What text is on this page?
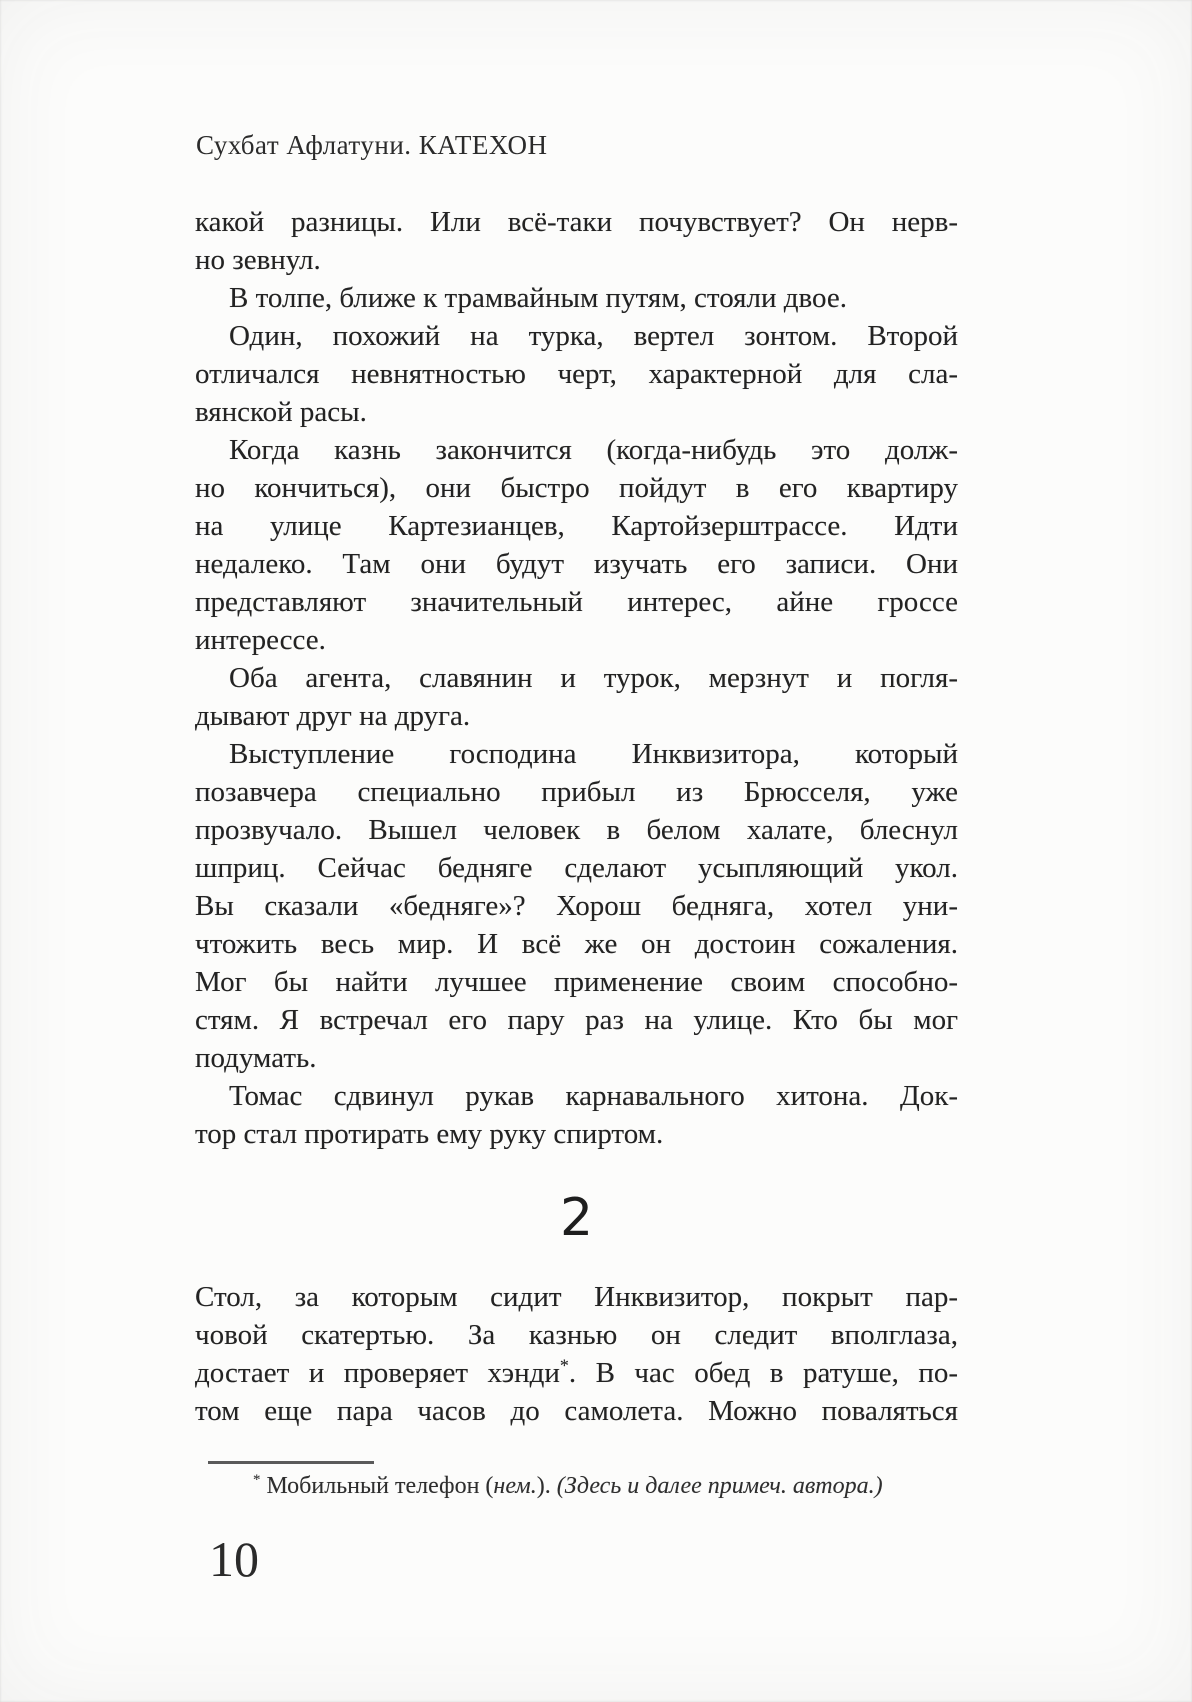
Сухбат Афлатуни. КАТЕХОН
какой разницы. Или всё-таки почувствует? Он нерв-
но зевнул.
В толпе, ближе к трамвайным путям, стояли двое.
Один, похожий на турка, вертел зонтом. Второй
отличался невнятностью черт, характерной для сла-
вянской расы.
Когда казнь закончится (когда-нибудь это долж-
но кончиться), они быстро пойдут в его квартиру
на улице Картезианцев, Картойзерштрассе. Идти
недалеко. Там они будут изучать его записи. Они
представляют значительный интерес, айне гроссе
интерессе.
Оба агента, славянин и турок, мерзнут и погля-
дывают друг на друга.
Выступление господина Инквизитора, который
позавчера специально прибыл из Брюсселя, уже
прозвучало. Вышел человек в белом халате, блеснул
шприц. Сейчас бедняге сделают усыпляющий укол.
Вы сказали «бедняге»? Хорош бедняга, хотел уни-
чтожить весь мир. И всё же он достоин сожаления.
Мог бы найти лучшее применение своим способно-
стям. Я встречал его пару раз на улице. Кто бы мог
подумать.
Томас сдвинул рукав карнавального хитона. Док-
тор стал протирать ему руку спиртом.
2
Стол, за которым сидит Инквизитор, покрыт пар-
човой скатертью. За казнью он следит вполглаза,
достает и проверяет хэнди*. В час обед в ратуше, по-
том еще пара часов до самолета. Можно поваляться
* Мобильный телефон (нем.). (Здесь и далее примеч. автора.)
10
